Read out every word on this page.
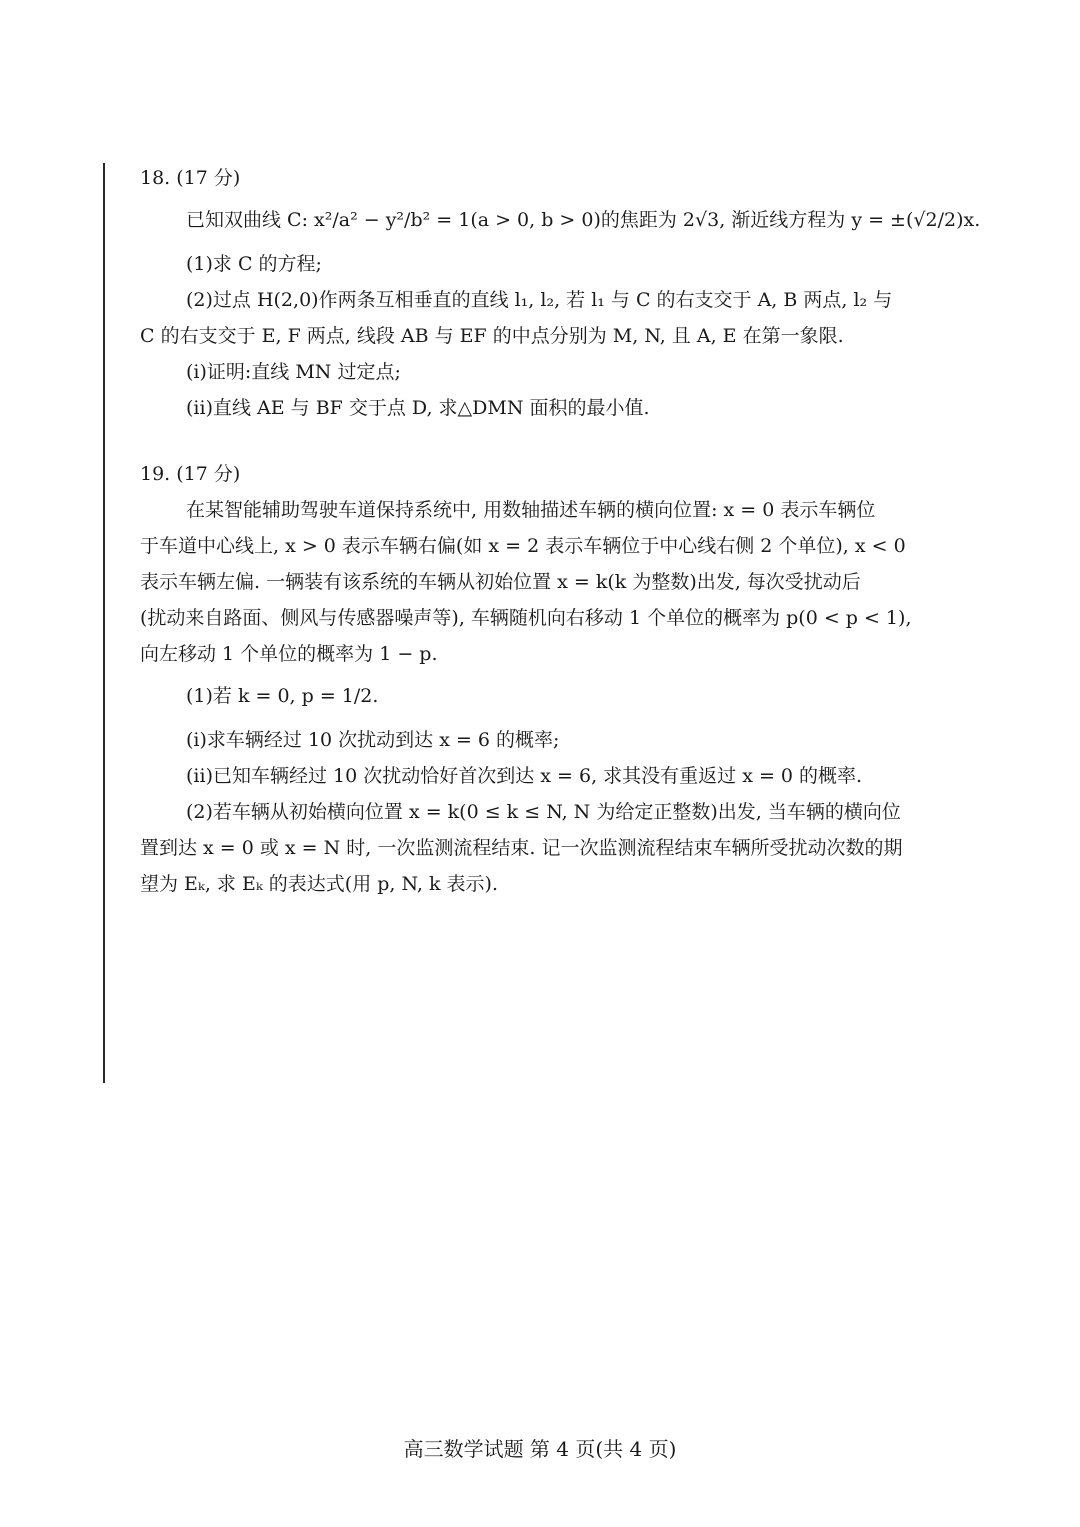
18. (17 分)
已知双曲线 C: x²/a² − y²/b² = 1(a > 0, b > 0)的焦距为 2√3, 渐近线方程为 y = ±(√2/2)x.
(1)求 C 的方程;
(2)过点 H(2,0)作两条互相垂直的直线 l₁, l₂, 若 l₁ 与 C 的右支交于 A, B 两点, l₂ 与
C 的右支交于 E, F 两点, 线段 AB 与 EF 的中点分别为 M, N, 且 A, E 在第一象限.
(i)证明:直线 MN 过定点;
(ii)直线 AE 与 BF 交于点 D, 求△DMN 面积的最小值.
19. (17 分)
在某智能辅助驾驶车道保持系统中, 用数轴描述车辆的横向位置: x = 0 表示车辆位
于车道中心线上, x > 0 表示车辆右偏(如 x = 2 表示车辆位于中心线右侧 2 个单位), x < 0
表示车辆左偏. 一辆装有该系统的车辆从初始位置 x = k(k 为整数)出发, 每次受扰动后
(扰动来自路面、侧风与传感器噪声等), 车辆随机向右移动 1 个单位的概率为 p(0 < p < 1),
向左移动 1 个单位的概率为 1 − p.
(1)若 k = 0, p = 1/2.
(i)求车辆经过 10 次扰动到达 x = 6 的概率;
(ii)已知车辆经过 10 次扰动恰好首次到达 x = 6, 求其没有重返过 x = 0 的概率.
(2)若车辆从初始横向位置 x = k(0 ≤ k ≤ N, N 为给定正整数)出发, 当车辆的横向位
置到达 x = 0 或 x = N 时, 一次监测流程结束. 记一次监测流程结束车辆所受扰动次数的期
望为 Eₖ, 求 Eₖ 的表达式(用 p, N, k 表示).
高三数学试题 第 4 页(共 4 页)
